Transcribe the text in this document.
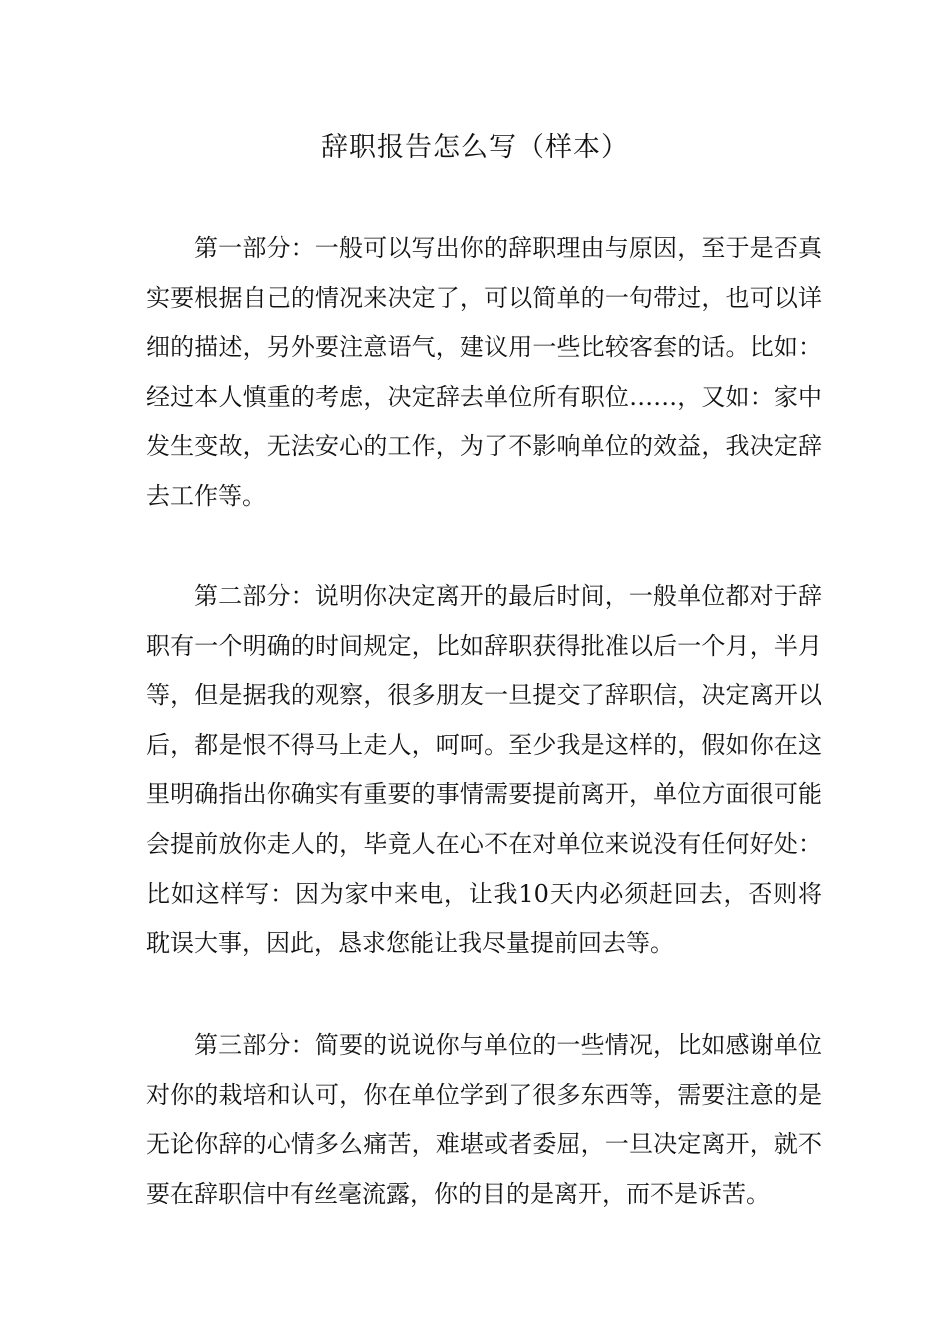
辞职报告怎么写（样本）

第一部分：一般可以写出你的辞职理由与原因，至于是否真实要根据自己的情况来决定了，可以简单的一句带过，也可以详细的描述，另外要注意语气，建议用一些比较客套的话。比如：经过本人慎重的考虑，决定辞去单位所有职位……，又如：家中发生变故，无法安心的工作，为了不影响单位的效益，我决定辞去工作等。

第二部分：说明你决定离开的最后时间，一般单位都对于辞职有一个明确的时间规定，比如辞职获得批准以后一个月，半月等，但是据我的观察，很多朋友一旦提交了辞职信，决定离开以后，都是恨不得马上走人，呵呵。至少我是这样的，假如你在这里明确指出你确实有重要的事情需要提前离开，单位方面很可能会提前放你走人的，毕竟人在心不在对单位来说没有任何好处：比如这样写：因为家中来电，让我10天内必须赶回去，否则将耽误大事，因此，恳求您能让我尽量提前回去等。

第三部分：简要的说说你与单位的一些情况，比如感谢单位对你的栽培和认可，你在单位学到了很多东西等，需要注意的是无论你辞的心情多么痛苦，难堪或者委屈，一旦决定离开，就不要在辞职信中有丝毫流露，你的目的是离开，而不是诉苦。
